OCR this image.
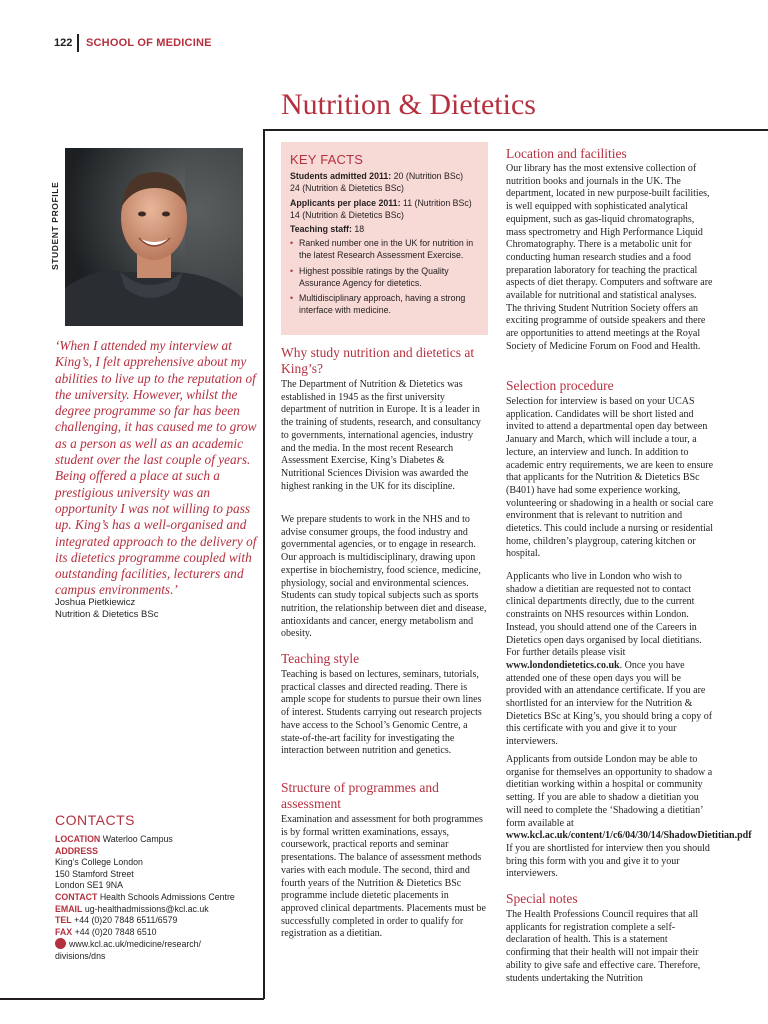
122 SCHOOL OF MEDICINE
Nutrition & Dietetics
STUDENT PROFILE
‘When I attended my interview at King’s, I felt apprehensive about my abilities to live up to the reputation of the university. However, whilst the degree programme so far has been challenging, it has caused me to grow as a person as well as an academic student over the last couple of years. Being offered a place at such a prestigious university was an opportunity I was not willing to pass up. King’s has a well-organised and integrated approach to the delivery of its dietetics programme coupled with outstanding facilities, lecturers and campus environments.’
Joshua Pietkiewicz
Nutrition & Dietetics BSc
CONTACTS
LOCATION Waterloo Campus
ADDRESS
King’s College London
150 Stamford Street
London SE1 9NA
CONTACT Health Schools Admissions Centre
EMAIL ug-healthadmissions@kcl.ac.uk
TEL +44 (0)20 7848 6511/6579
FAX +44 (0)20 7848 6510
www.kcl.ac.uk/medicine/research/
divisions/dns
KEY FACTS
Students admitted 2011: 20 (Nutrition BSc)
24 (Nutrition & Dietetics BSc)
Applicants per place 2011: 11 (Nutrition BSc)
14 (Nutrition & Dietetics BSc)
Teaching staff: 18
• Ranked number one in the UK for nutrition in the latest Research Assessment Exercise.
• Highest possible ratings by the Quality Assurance Agency for dietetics.
• Multidisciplinary approach, having a strong interface with medicine.
Why study nutrition and dietetics at King’s?
The Department of Nutrition & Dietetics was established in 1945 as the first university department of nutrition in Europe. It is a leader in the training of students, research, and consultancy to governments, international agencies, industry and the media. In the most recent Research Assessment Exercise, King’s Diabetes & Nutritional Sciences Division was awarded the highest ranking in the UK for its discipline.
We prepare students to work in the NHS and to advise consumer groups, the food industry and governmental agencies, or to engage in research. Our approach is multidisciplinary, drawing upon expertise in biochemistry, food science, medicine, physiology, social and environmental sciences. Students can study topical subjects such as sports nutrition, the relationship between diet and disease, antioxidants and cancer, energy metabolism and obesity.
Teaching style
Teaching is based on lectures, seminars, tutorials, practical classes and directed reading. There is ample scope for students to pursue their own lines of interest. Students carrying out research projects have access to the School’s Genomic Centre, a state-of-the-art facility for investigating the interaction between nutrition and genetics.
Structure of programmes and assessment
Examination and assessment for both programmes is by formal written examinations, essays, coursework, practical reports and seminar presentations. The balance of assessment methods varies with each module. The second, third and fourth years of the Nutrition & Dietetics BSc programme include dietetic placements in approved clinical departments. Placements must be successfully completed in order to qualify for registration as a dietitian.
Location and facilities
Our library has the most extensive collection of nutrition books and journals in the UK. The department, located in new purpose-built facilities, is well equipped with sophisticated analytical equipment, such as gas-liquid chromatographs, mass spectrometry and High Performance Liquid Chromatography. There is a metabolic unit for conducting human research studies and a food preparation laboratory for teaching the practical aspects of diet therapy. Computers and software are available for nutritional and statistical analyses. The thriving Student Nutrition Society offers an exciting programme of outside speakers and there are opportunities to attend meetings at the Royal Society of Medicine Forum on Food and Health.
Selection procedure
Selection for interview is based on your UCAS application. Candidates will be short listed and invited to attend a departmental open day between January and March, which will include a tour, a lecture, an interview and lunch. In addition to academic entry requirements, we are keen to ensure that applicants for the Nutrition & Dietetics BSc (B401) have had some experience working, volunteering or shadowing in a health or social care environment that is relevant to nutrition and dietetics. This could include a nursing or residential home, children’s playgroup, catering kitchen or hospital.
Applicants who live in London who wish to shadow a dietitian are requested not to contact clinical departments directly, due to the current constraints on NHS resources within London. Instead, you should attend one of the Careers in Dietetics open days organised by local dietitians. For further details please visit www.londondietetics.co.uk. Once you have attended one of these open days you will be provided with an attendance certificate. If you are shortlisted for an interview for the Nutrition & Dietetics BSc at King’s, you should bring a copy of this certificate with you and give it to your interviewers.
Applicants from outside London may be able to organise for themselves an opportunity to shadow a dietitian working within a hospital or community setting. If you are able to shadow a dietitian you will need to complete the ‘Shadowing a dietitian’ form available at www.kcl.ac.uk/content/1/c6/04/30/14/ShadowDietitian.pdf If you are shortlisted for interview then you should bring this form with you and give it to your interviewers.
Special notes
The Health Professions Council requires that all applicants for registration complete a self-declaration of health. This is a statement confirming that their health will not impair their ability to give safe and effective care. Therefore, students undertaking the Nutrition
